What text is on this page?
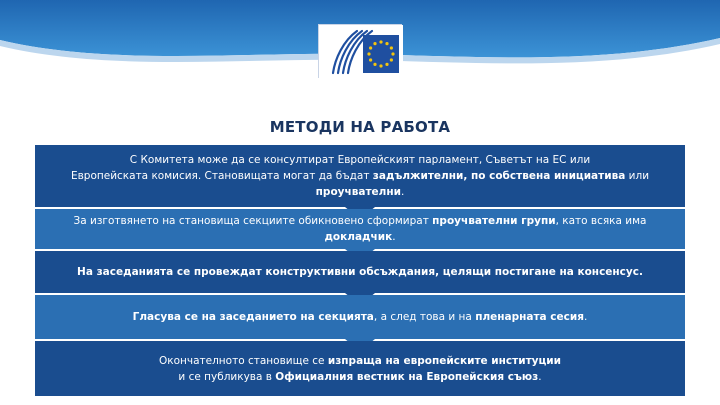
МЕТОДИ НА РАБОТА
С Комитета може да се консултират Европейският парламент, Съветът на ЕС или
Европейската комисия. Становищата могат да бъдат задължителни, по собствена инициатива или
проучвателни.
За изготвянето на становища секциите обикновено сформират проучвателни групи, като всяка има докладчик.
На заседанията се провеждат конструктивни обсъждания, целящи постигане на консенсус.
Гласува се на заседанието на секцията, а след това и на пленарната сесия.
Окончателното становище се изпраща на европейските институции
и се публикува в Официалния вестник на Европейския съюз.
